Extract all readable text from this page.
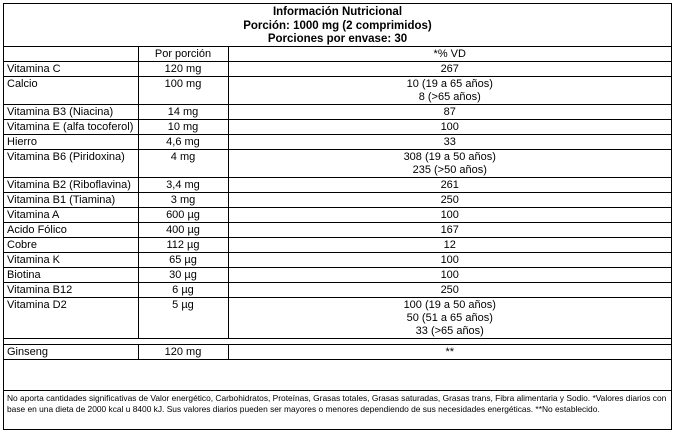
Información Nutricional
Porción: 1000 mg (2 comprimidos)
Porciones por envase: 30
	Por porción	*% VD
Vitamina C	120 mg	267

Calcio	100 mg	10 (19 a 65 años)
8 (>65 años)

Vitamina B3 (Niacina)	14 mg	87

Vitamina E (alfa tocoferol)	10 mg	100

Hierro	4,6 mg	33

Vitamina B6 (Piridoxina)	4 mg	308 (19 a 50 años)
235 (>50 años)

Vitamina B2 (Riboflavina)	3,4 mg	261

Vitamina B1 (Tiamina)	3 mg	250

Vitamina A	600 µg	100

Acido Fólico	400 µg	167

Cobre	112 µg	12

Vitamina K	65 µg	100

Biotina	30 µg	100

Vitamina B12	6 µg	250

Vitamina D2	5 µg	100 (19 a 50 años)
50 (51 a 65 años)
33 (>65 años)

Ginseng	120 mg	**
No aporta cantidades significativas de Valor energético, Carbohidratos, Proteínas, Grasas totales, Grasas saturadas, Grasas trans, Fibra alimentaria y Sodio. *Valores diarios con base en una dieta de 2000 kcal u 8400 kJ. Sus valores diarios pueden ser mayores o menores dependiendo de sus necesidades energéticas. **No establecido.
